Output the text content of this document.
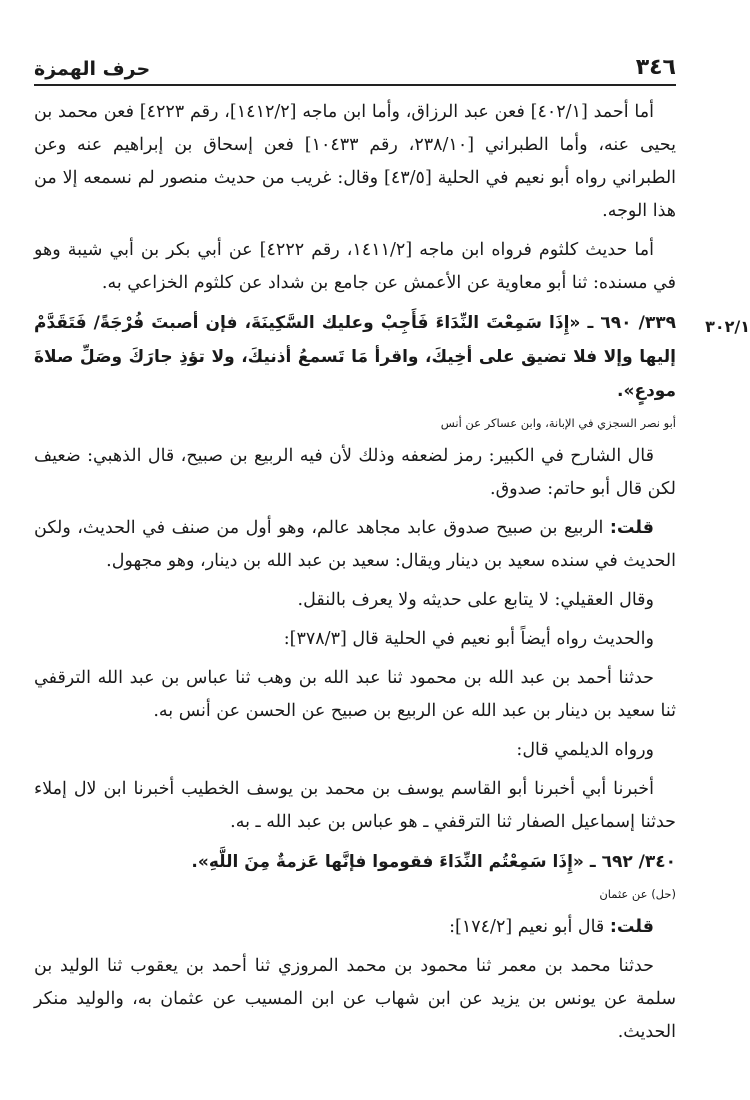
٣٤٦
حرف الهمزة

أما أحمد [٤٠٢/١] فعن عبد الرزاق، وأما ابن ماجه [١٤١٢/٢]، رقم ٤٢٢٣] فعن محمد بن يحيى عنه، وأما الطبراني [٢٣٨/١٠، رقم ١٠٤٣٣] فعن إسحاق بن إبراهيم عنه وعن الطبراني رواه أبو نعيم في الحلية [٤٣/٥] وقال: غريب من حديث منصور لم نسمعه إلا من هذا الوجه.

أما حديث كلثوم فرواه ابن ماجه [١٤١١/٢، رقم ٤٢٢٢] عن أبي بكر بن أبي شيبة وهو في مسنده: ثنا أبو معاوية عن الأعمش عن جامع بن شداد عن كلثوم الخزاعي به.

٣٠٢/١
٣٣٩/ ٦٩٠ ـ «إِذَا سَمِعْتَ النِّدَاءَ فَأَجِبْ وعليك السَّكِينَةَ، فإن أصبتَ فُرْجَةً/ فَتَقَدَّمْ إليها وإلا فلا تضيق على أخِيكَ، واقرأ مَا تَسمعُ أذنيكَ، ولا تؤذِ جارَكَ وصَلِّ صلاةَ مودعٍ».

أبو نصر السجزي في الإبانة، وابن عساكر عن أنس

قال الشارح في الكبير: رمز لضعفه وذلك لأن فيه الربيع بن صبيح، قال الذهبي: ضعيف لكن قال أبو حاتم: صدوق.

قلت: الربيع بن صبيح صدوق عابد مجاهد عالم، وهو أول من صنف في الحديث، ولكن الحديث في سنده سعيد بن دينار ويقال: سعيد بن عبد الله بن دينار، وهو مجهول.

وقال العقيلي: لا يتابع على حديثه ولا يعرف بالنقل.

والحديث رواه أيضاً أبو نعيم في الحلية قال [٣٧٨/٣]:

حدثنا أحمد بن عبد الله بن محمود ثنا عبد الله بن وهب ثنا عباس بن عبد الله الترقفي ثنا سعيد بن دينار بن عبد الله عن الربيع بن صبيح عن الحسن عن أنس به.

ورواه الديلمي قال:

أخبرنا أبي أخبرنا أبو القاسم يوسف بن محمد بن يوسف الخطيب أخبرنا ابن لال إملاء حدثنا إسماعيل الصفار ثنا الترقفي ـ هو عباس بن عبد الله ـ به.

٣٤٠/ ٦٩٢ ـ «إِذَا سَمِعْتُم النِّدَاءَ فقوموا فإنَّها عَزمةٌ مِنَ اللَّهِ».

(حل) عن عثمان

قلت: قال أبو نعيم [١٧٤/٢]:

حدثنا محمد بن معمر ثنا محمود بن محمد المروزي ثنا أحمد بن يعقوب ثنا الوليد بن سلمة عن يونس بن يزيد عن ابن شهاب عن ابن المسيب عن عثمان به، والوليد منكر الحديث.
